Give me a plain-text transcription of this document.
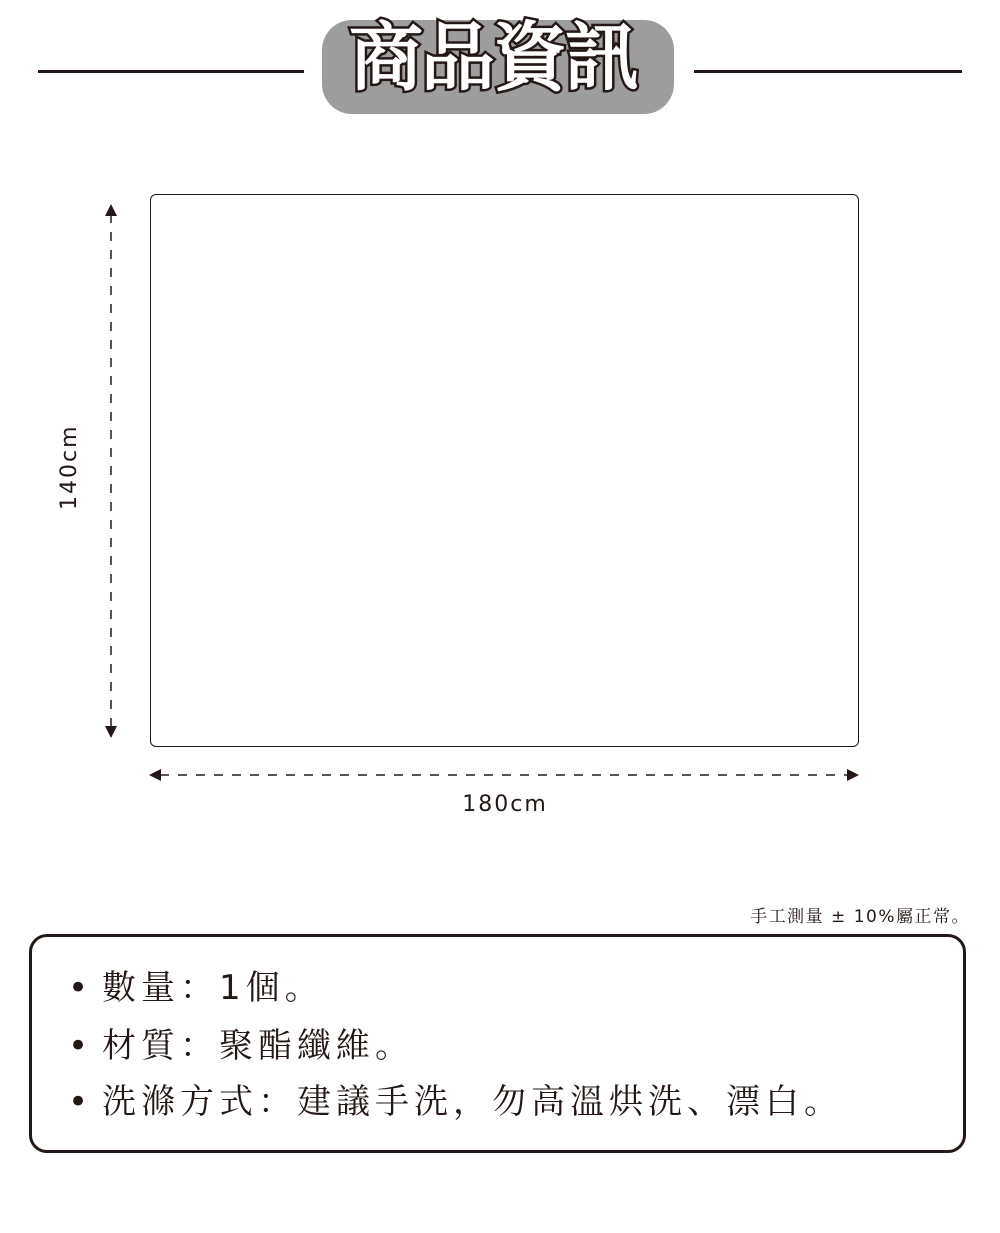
商品資訊
140cm
180cm
手工測量 ± 10%屬正常。
• 數量：1個。
• 材質：聚酯纖維。
• 洗滌方式：建議手洗，勿高溫烘洗、漂白。
